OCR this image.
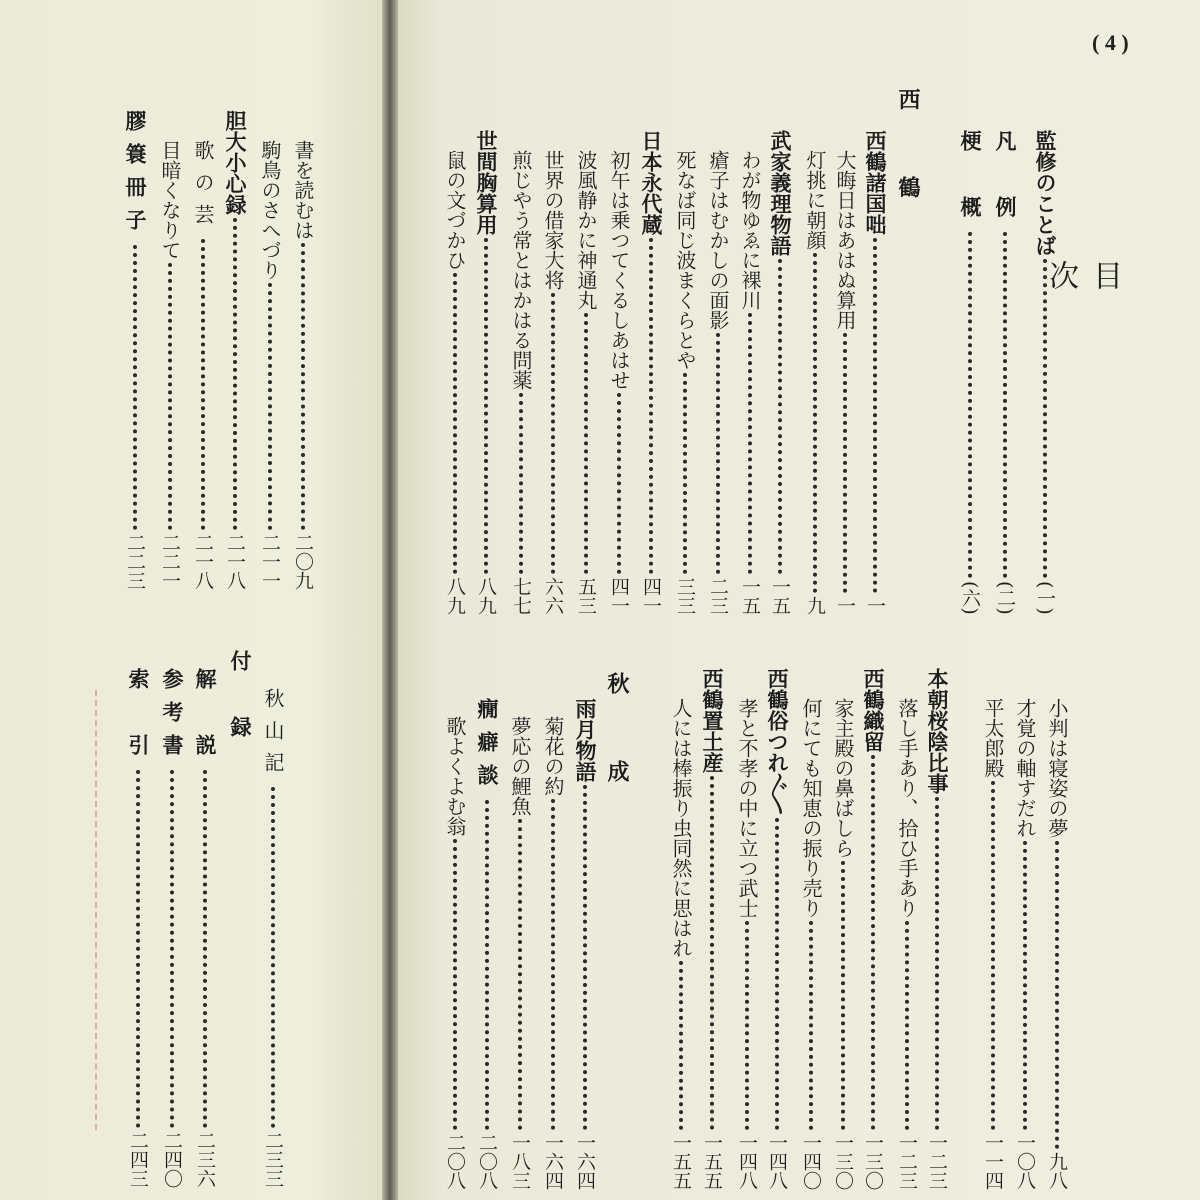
( 4 )
目 次
監修のことば
(一)
凡　例
(二)
梗　概
(六)
西　鶴
西鶴諸国咄
一
大晦日はあはぬ算用
一
灯挑に朝顔
九
武家義理物語
一五
わが物ゆゑに裸川
一五
瘡子はむかしの面影
二三
死なば同じ波まくらとや
三三
日本永代蔵
四一
初午は乗つてくるしあはせ
四一
波風静かに神通丸
五三
世界の借家大将
六六
煎じやう常とはかはる問薬
七七
世間胸算用
八九
鼠の文づかひ
八九
小判は寝姿の夢
九八
才覚の軸すだれ
一〇八
平太郎殿
一一四
本朝桜陰比事
一二三
落し手あり、拾ひ手あり
一二三
西鶴織留
一三〇
家主殿の鼻ばしら
一三〇
何にても知恵の振り売り
一四〇
西鶴俗つれ〴〵
一四八
孝と不孝の中に立つ武士
一四八
西鶴置土産
一五五
人には棒振り虫同然に思はれ
一五五
秋　成
雨月物語
一六四
菊花の約
一六四
夢応の鯉魚
一八三
癇癖談
二〇八
歌よくよむ翁
二〇八
書を読むは
二〇九
駒鳥のさへづり
二一一
胆大小心録
二一八
歌の芸
二一八
目暗くなりて
二二一
膠簑冊子
二二三
付　録 秋山記
二三三
解　説
二三六
参考書
二四〇
索　引
二四三
